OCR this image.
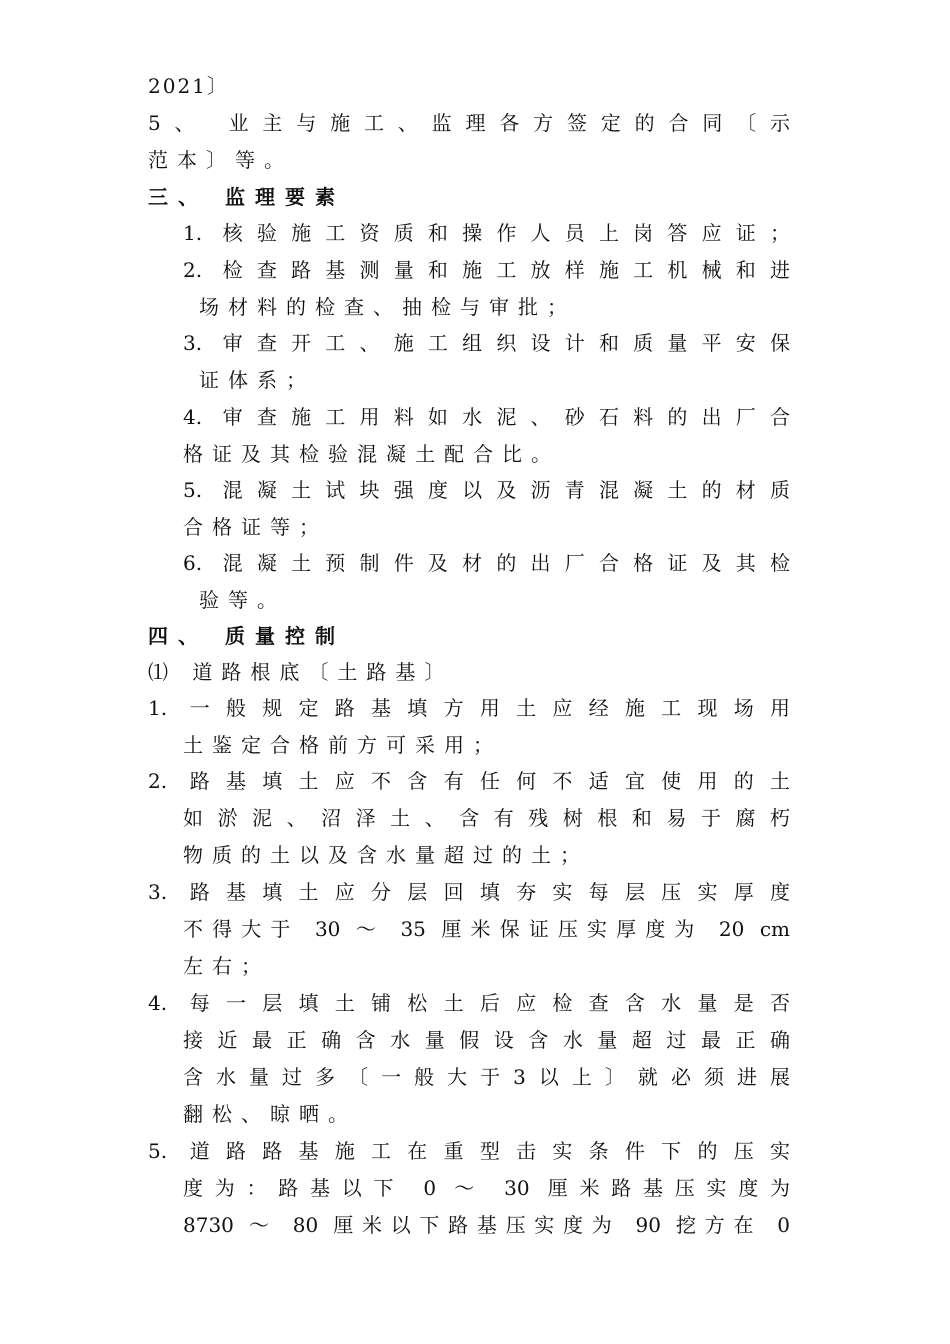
2021〕
5、 业主与施工、监理各方签定的合同〔示
范本〕等。
三、 监理要素
1. 核验施工资质和操作人员上岗答应证；
2. 检查路基测量和施工放样施工机械和进
场材料的检查、抽检与审批；
3. 审查开工、施工组织设计和质量平安保
证体系；
4. 审查施工用料如水泥、砂石料的出厂合
格证及其检验混凝土配合比。
5. 混凝土试块强度以及沥青混凝土的材质
合格证等；
6. 混凝土预制件及材的出厂合格证及其检
验等。
四、 质量控制
⑴ 道路根底〔土路基〕
1. 一般规定路基填方用土应经施工现场用
土鉴定合格前方可采用；
2. 路基填土应不含有任何不适宜使用的土
如淤泥、沼泽土、含有残树根和易于腐朽
物质的土以及含水量超过的土；
3. 路基填土应分层回填夯实每层压实厚度
不得大于 30 ～ 35 厘米保证压实厚度为 20 cm
左右；
4. 每一层填土铺松土后应检查含水量是否
接近最正确含水量假设含水量超过最正确
含水量过多〔一般大于3以上〕就必须进展
翻松、晾晒。
5. 道路路基施工在重型击实条件下的压实
度为：路基以下 0 ～ 30 厘米路基压实度为
8730 ～ 80 厘米以下路基压实度为 90 挖方在 0
